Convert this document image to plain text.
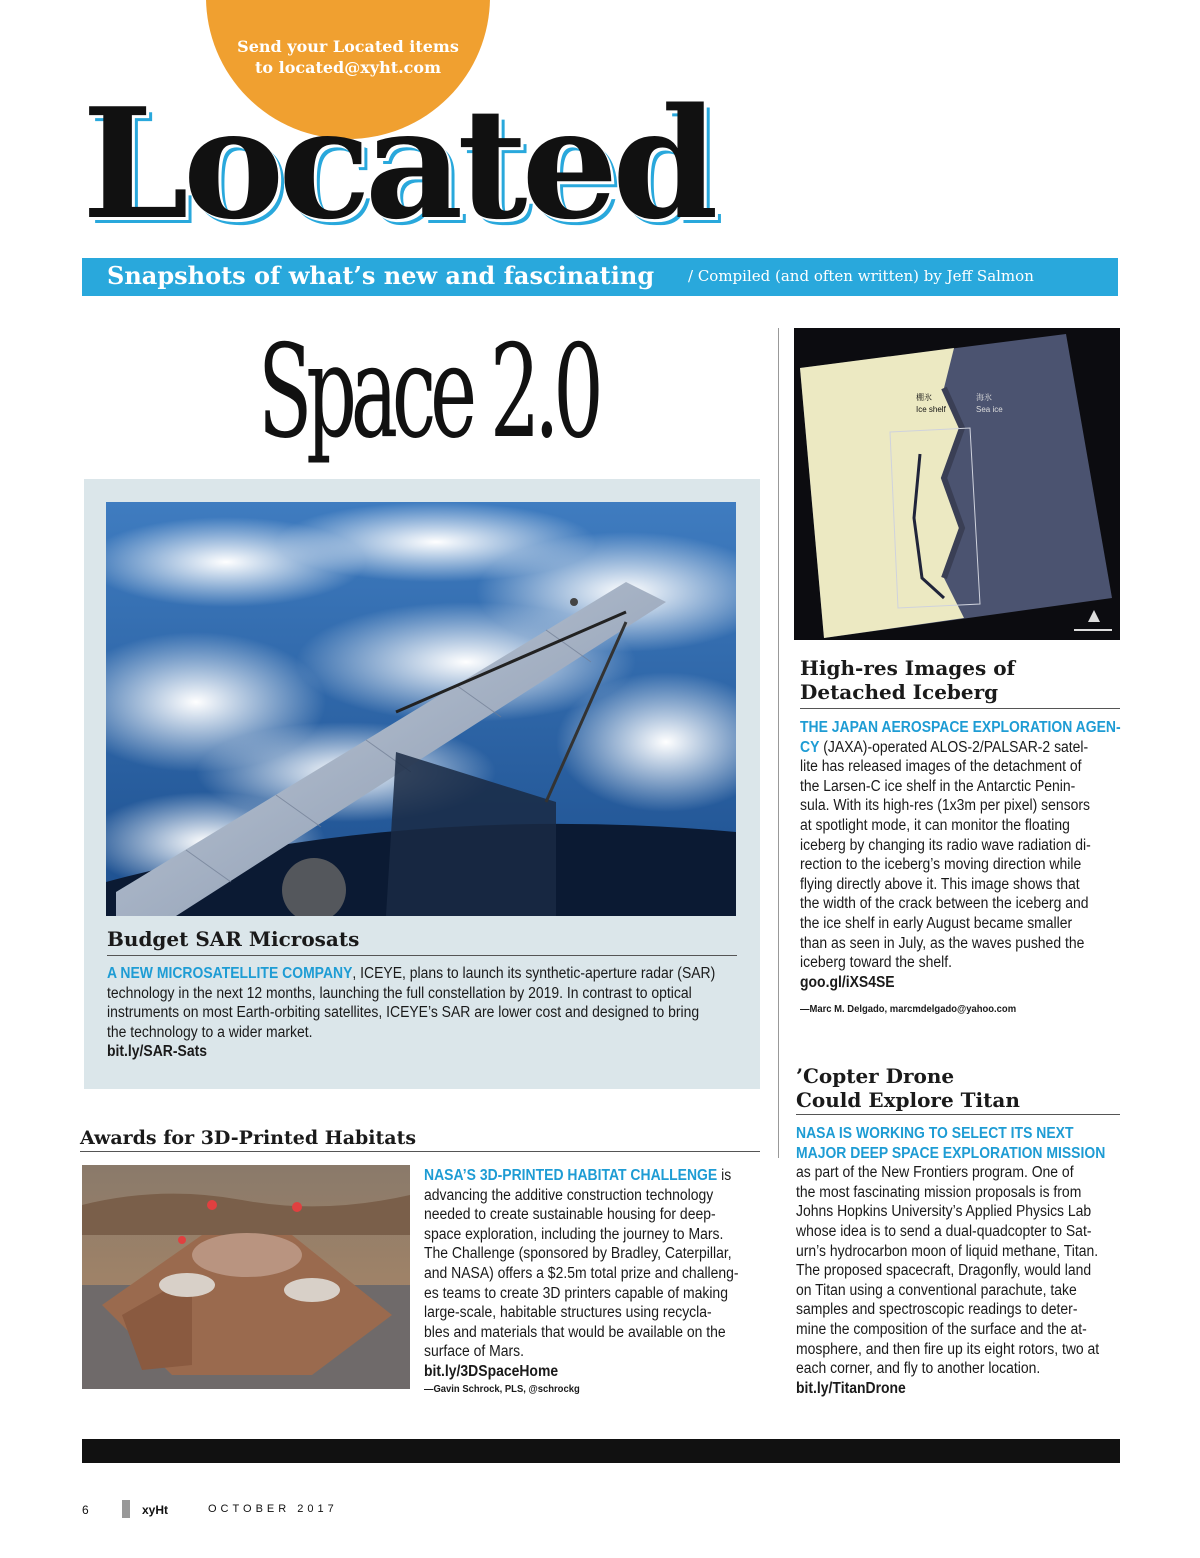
Send your Located items
to located@xyht.com
Located
Snapshots of what’s new and fascinating / Compiled (and often written) by Jeff Salmon
Space 2.0
Budget SAR Microsats
A NEW MICROSATELLITE COMPANY, ICEYE, plans to launch its synthetic-aperture radar (SAR)
technology in the next 12 months, launching the full constellation by 2019. In contrast to optical
instruments on most Earth-orbiting satellites, ICEYE’s SAR are lower cost and designed to bring
the technology to a wider market.
bit.ly/SAR-Sats
棚氷
Ice shelf
海氷
Sea ice
High-res Images of
Detached Iceberg
THE JAPAN AEROSPACE EXPLORATION AGEN-
CY (JAXA)-operated ALOS-2/PALSAR-2 satel-
lite has released images of the detachment of
the Larsen-C ice shelf in the Antarctic Penin-
sula. With its high-res (1x3m per pixel) sensors
at spotlight mode, it can monitor the floating
iceberg by changing its radio wave radiation di-
rection to the iceberg’s moving direction while
flying directly above it. This image shows that
the width of the crack between the iceberg and
the ice shelf in early August became smaller
than as seen in July, as the waves pushed the
iceberg toward the shelf.
goo.gl/iXS4SE
—Marc M. Delgado, marcmdelgado@yahoo.com
’Copter Drone
Could Explore Titan
NASA IS WORKING TO SELECT ITS NEXT
MAJOR DEEP SPACE EXPLORATION MISSION
as part of the New Frontiers program. One of
the most fascinating mission proposals is from
Johns Hopkins University’s Applied Physics Lab
whose idea is to send a dual-quadcopter to Sat-
urn’s hydrocarbon moon of liquid methane, Titan.
The proposed spacecraft, Dragonfly, would land
on Titan using a conventional parachute, take
samples and spectroscopic readings to deter-
mine the composition of the surface and the at-
mosphere, and then fire up its eight rotors, two at
each corner, and fly to another location.
bit.ly/TitanDrone
Awards for 3D-Printed Habitats
NASA’S 3D-PRINTED HABITAT CHALLENGE is
advancing the additive construction technology
needed to create sustainable housing for deep-
space exploration, including the journey to Mars.
The Challenge (sponsored by Bradley, Caterpillar,
and NASA) offers a $2.5m total prize and challeng-
es teams to create 3D printers capable of making
large-scale, habitable structures using recycla-
bles and materials that would be available on the
surface of Mars.
bit.ly/3DSpaceHome
—Gavin Schrock, PLS, @schrockg
6	xyHt	OCTOBER 2017
